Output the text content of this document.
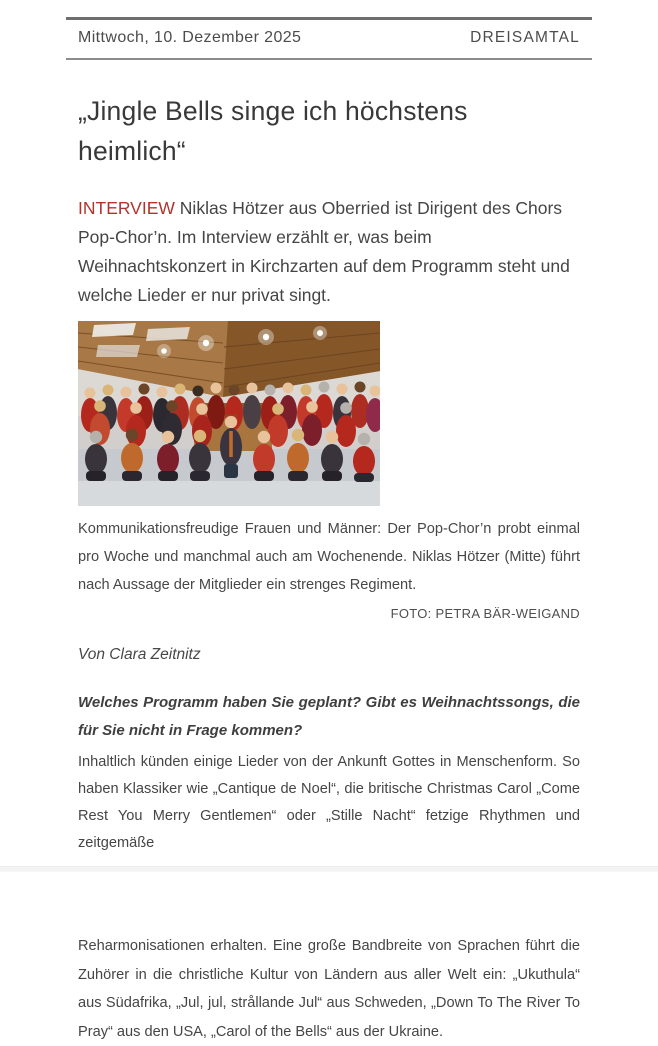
Mittwoch, 10. Dezember 2025	DREISAMTAL
„Jingle Bells singe ich höchstens heimlich“

INTERVIEW Niklas Hötzer aus Oberried ist Dirigent des Chors Pop-Chor’n. Im Interview erzählt er, was beim Weihnachtskonzert in Kirchzarten auf dem Programm steht und welche Lieder er nur privat singt.

Kommunikationsfreudige Frauen und Männer: Der Pop-Chor’n probt einmal pro Woche und manchmal auch am Wochenende. Niklas Hötzer (Mitte) führt nach Aussage der Mitglieder ein strenges Regiment.
FOTO: PETRA BÄR-WEIGAND
Von Clara Zeitnitz

Welches Programm haben Sie geplant? Gibt es Weihnachtssongs, die für Sie nicht in Frage kommen?

Inhaltlich künden einige Lieder von der Ankunft Gottes in Menschenform. So haben Klassiker wie „Cantique de Noel“, die britische Christmas Carol „Come Rest You Merry Gentlemen“ oder „Stille Nacht“ fetzige Rhythmen und zeitgemäße

Reharmonisationen erhalten. Eine große Bandbreite von Sprachen führt die Zuhörer in die christliche Kultur von Ländern aus aller Welt ein: „Ukuthula“ aus Südafrika, „Jul, jul, strållande Jul“ aus Schweden, „Down To The River To Pray“ aus den USA, „Carol of the Bells“ aus der Ukraine.
